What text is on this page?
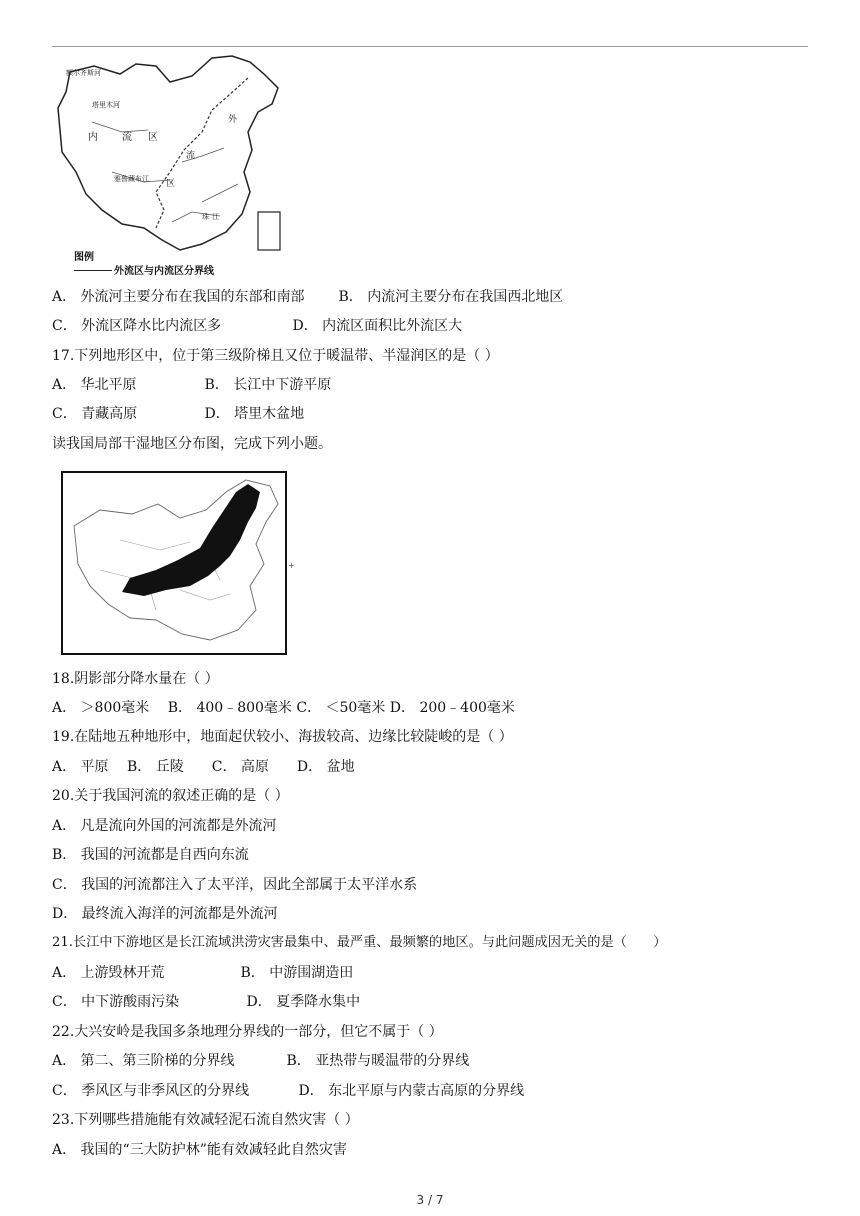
额尔齐斯河
塔里木河
内 流 区
雅鲁藏布江 区
外
流
珠 江
图例
外流区与内流区分界线
A． 外流河主要分布在我国的东部和南部 B． 内流河主要分布在我国西北地区
C． 外流区降水比内流区多	D． 内流区面积比外流区大
17.下列地形区中，位于第三级阶梯且又位于暖温带、半湿润区的是（ ）
A． 华北平原	B． 长江中下游平原
C． 青藏高原	D． 塔里木盆地
读我国局部干湿地区分布图，完成下列小题。
+
18.阴影部分降水量在（ ）
A． ＞800毫米　 B． 400﹣800毫米 C． ＜50毫米 D． 200﹣400毫米
19.在陆地五种地形中，地面起伏较小、海拔较高、边缘比较陡峻的是（ ）
A． 平原　 B． 丘陵　　C． 高原　　D． 盆地
20.关于我国河流的叙述正确的是（ ）
A． 凡是流向外国的河流都是外流河
B． 我国的河流都是自西向东流
C． 我国的河流都注入了太平洋，因此全部属于太平洋水系
D． 最终流入海洋的河流都是外流河
21.长江中下游地区是长江流域洪涝灾害最集中、最严重、最频繁的地区。与此问题成因无关的是（　　）
A． 上游毁林开荒	B． 中游围湖造田
C． 中下游酸雨污染	D． 夏季降水集中
22.大兴安岭是我国多条地理分界线的一部分，但它不属于（ ）
A． 第二、第三阶梯的分界线	B． 亚热带与暖温带的分界线
C． 季风区与非季风区的分界线	D． 东北平原与内蒙古高原的分界线
23.下列哪些措施能有效减轻泥石流自然灾害（ ）
A． 我国的“三大防护林”能有效减轻此自然灾害
3 / 7
